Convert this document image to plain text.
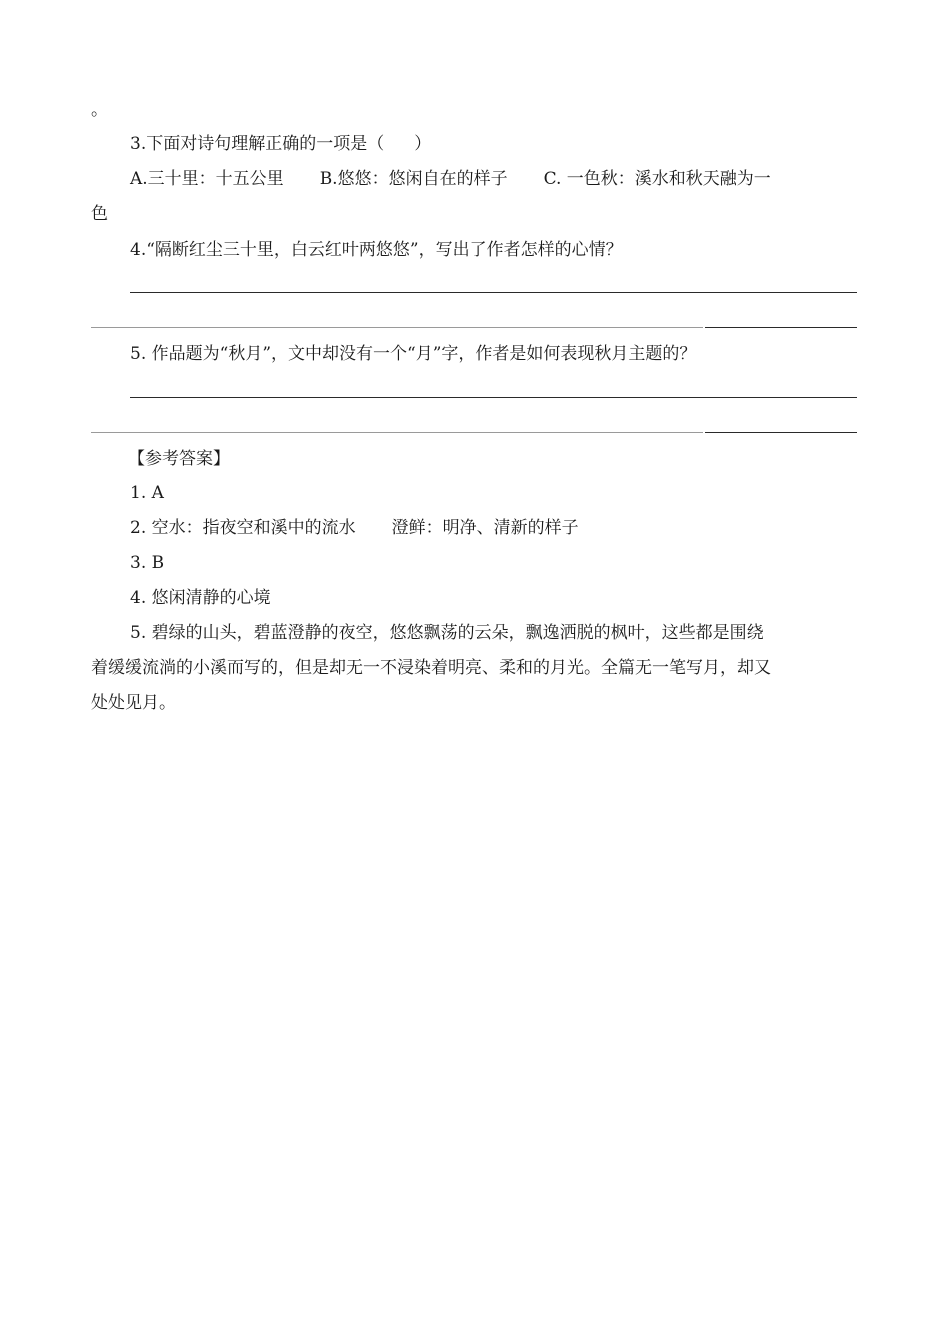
。
3.下面对诗句理解正确的一项是（ ）
A.三十里：十五公里 B.悠悠：悠闲自在的样子 C. 一色秋：溪水和秋天融为一
色
4.“隔断红尘三十里，白云红叶两悠悠”，写出了作者怎样的心情？
5. 作品题为“秋月”，文中却没有一个“月”字，作者是如何表现秋月主题的？
【参考答案】
1. A
2. 空水：指夜空和溪中的流水 澄鲜：明净、清新的样子
3. B
4. 悠闲清静的心境
5. 碧绿的山头，碧蓝澄静的夜空，悠悠飘荡的云朵，飘逸洒脱的枫叶，这些都是围绕
着缓缓流淌的小溪而写的，但是却无一不浸染着明亮、柔和的月光。全篇无一笔写月，却又
处处见月。
